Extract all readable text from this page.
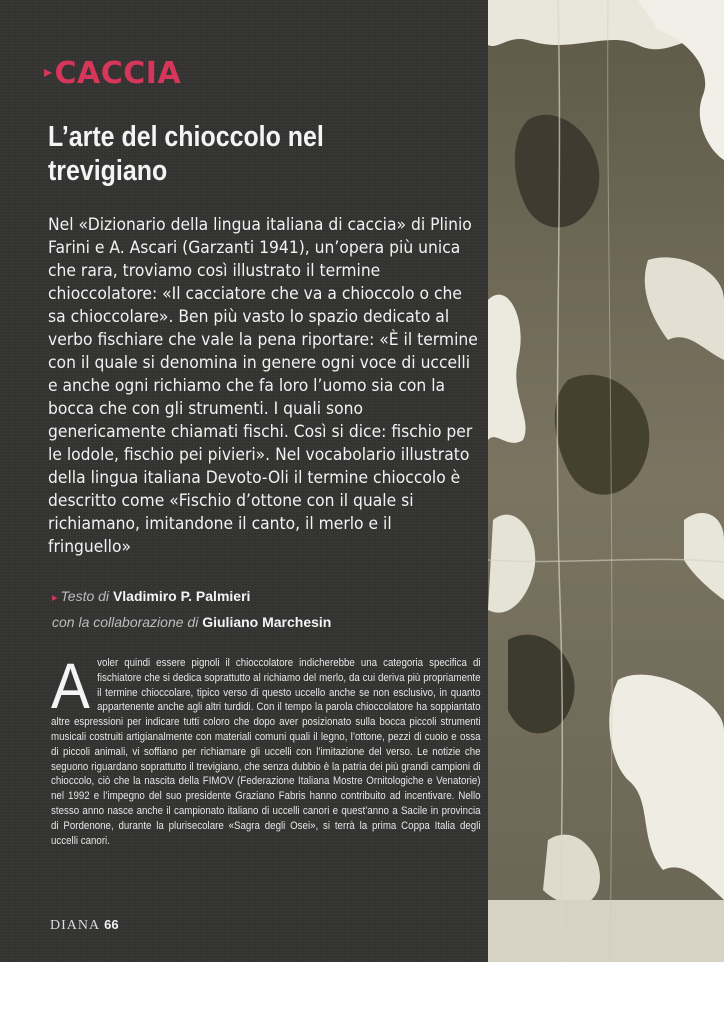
▸CACCIA
L’arte del chioccolo nel trevigiano
Nel «Dizionario della lingua italiana di caccia» di Plinio Farini e A. Ascari (Garzanti 1941), un’opera più unica che rara, troviamo così illustrato il termine chioccolatore: «Il cacciatore che va a chioccolo o che sa chioccolare». Ben più vasto lo spazio dedicato al verbo fischiare che vale la pena riportare: «È il termine con il quale si denomina in genere ogni voce di uccelli e anche ogni richiamo che fa loro l’uomo sia con la bocca che con gli strumenti. I quali sono genericamente chiamati fischi. Così si dice: fischio per le lodole, fischio pei pivieri». Nel vocabolario illustrato della lingua italiana Devoto-Oli il termine chioccolo è descritto come «Fischio d’ottone con il quale si richiamano, imitandone il canto, il merlo e il fringuello»
▸ Testo di Vladimiro P. Palmieri
con la collaborazione di Giuliano Marchesin
Avoler quindi essere pignoli il chioccolatore indicherebbe una categoria specifica di fischiatore che si dedica soprattutto al richiamo del merlo, da cui deriva più propriamente il termine chioccolare, tipico verso di questo uccello anche se non esclusivo, in quanto appartenente anche agli altri turdidi. Con il tempo la parola chioccolatore ha soppiantato altre espressioni per indicare tutti coloro che dopo aver posizionato sulla bocca piccoli strumenti musicali costruiti artigianalmente con materiali comuni quali il legno, l’ottone, pezzi di cuoio e ossa di piccoli animali, vi soffiano per richiamare gli uccelli con l’imitazione del verso. Le notizie che seguono riguardano soprattutto il trevigiano, che senza dubbio è la patria dei più grandi campioni di chioccolo, ciò che la nascita della FIMOV (Federazione Italiana Mostre Ornitologiche e Venatorie) nel 1992 e l’impegno del suo presidente Graziano Fabris hanno contribuito ad incentivare. Nello stesso anno nasce anche il campionato italiano di uccelli canori e quest’anno a Sacile in provincia di Pordenone, durante la plurisecolare «Sagra degli Osei», si terrà la prima Coppa Italia degli uccelli canori.
DIANA 66
